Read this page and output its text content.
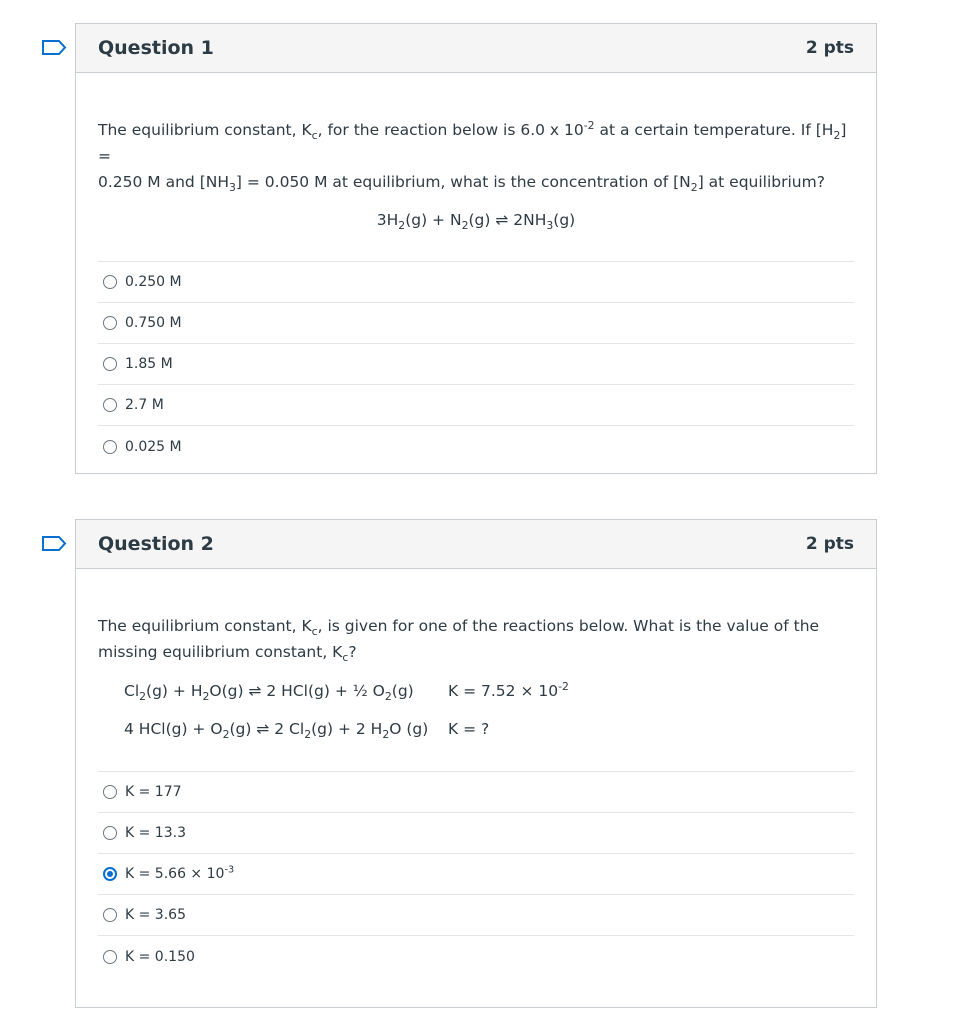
Question 1	2 pts
The equilibrium constant, $K_c$, for the reaction below is 6.0 x $10^{-2}$ at a certain temperature. If $[H_2]$ =
0.250 M and $[NH_3] = 0.050$ M at equilibrium, what is the concentration of $[N_2]$ at equilibrium?
$3H_2(g) + N_2(g)$ ⇌ $2NH_3(g)$
0.250 M
0.750 M
1.85 M
2.7 M
0.025 M
Question 2	2 pts
The equilibrium constant, $K_c$, is given for one of the reactions below. What is the value of the
missing equilibrium constant, $K_c$?
$Cl_2(g) + H_2O(g)$ ⇌ 2 HCl(g) + ½ $O_2(g)$	$K = 7.52 \times 10^{-2}$
4 $HCl(g) + O_2(g)$ ⇌ 2 $Cl_2(g) + 2$ $H_2O$ (g)	K = ?
K = 177
K = 13.3
$K = 5.66 \times 10^{-3}$
K = 3.65
K = 0.150
